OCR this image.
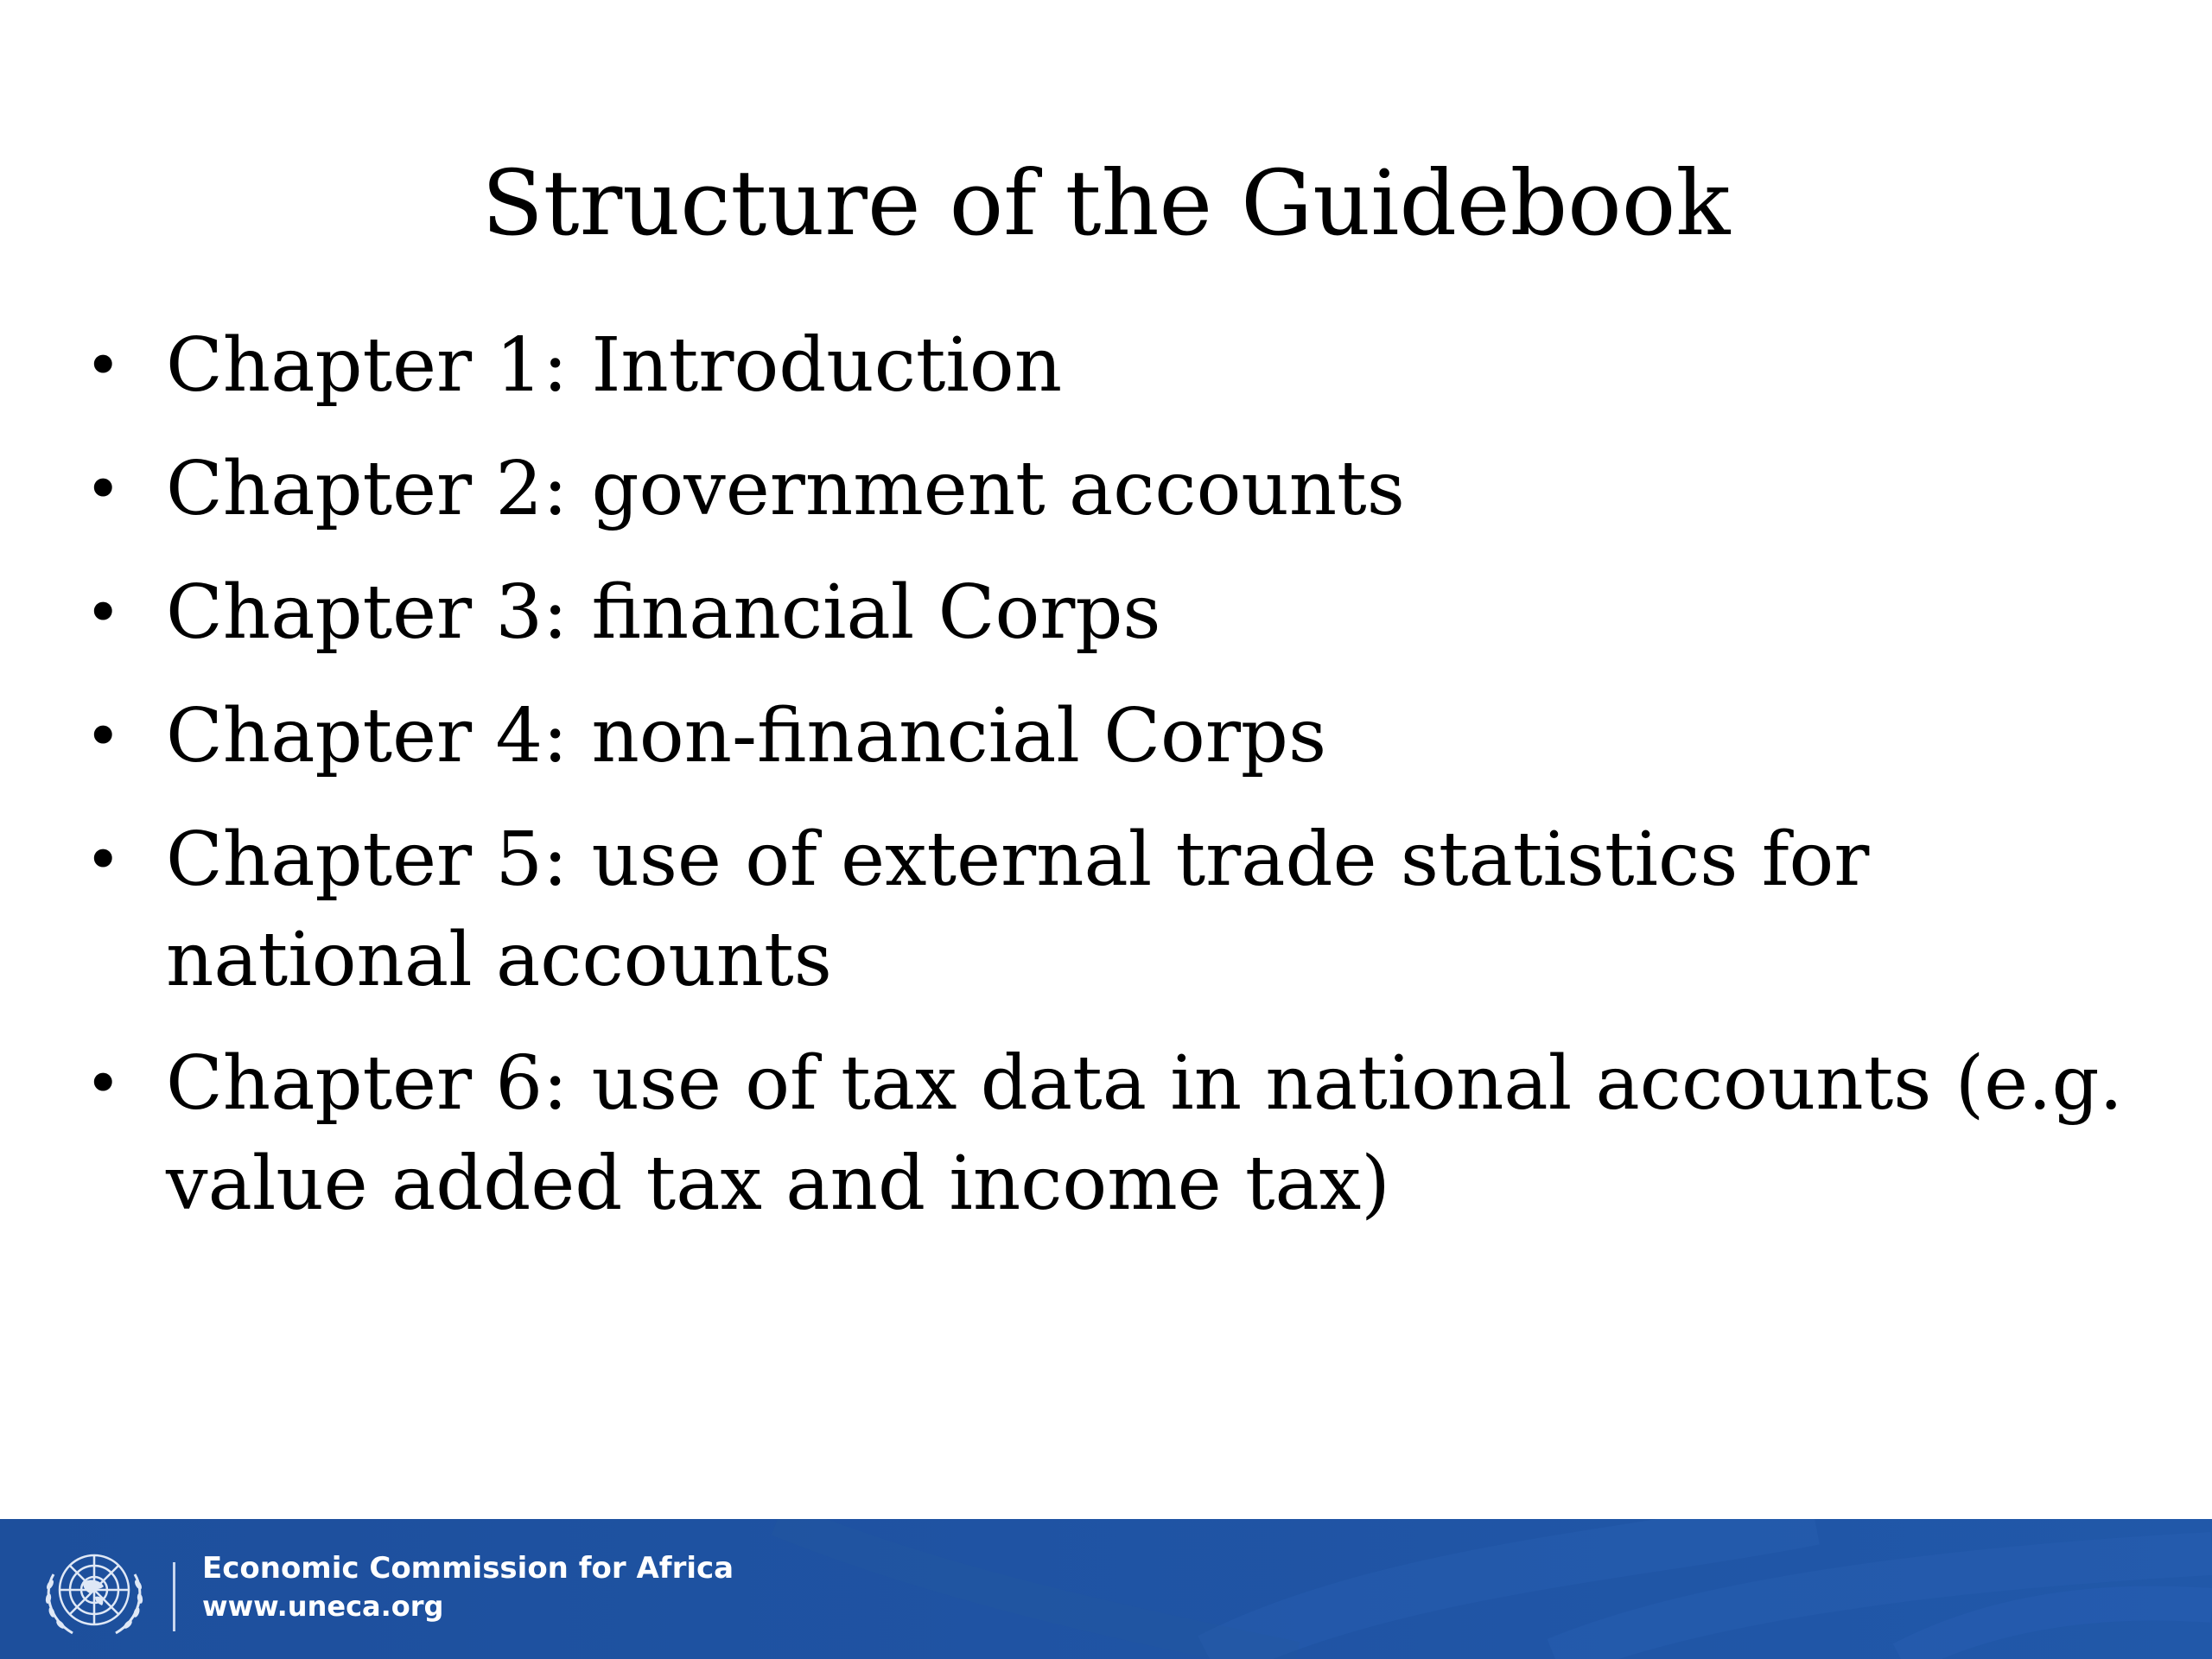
Structure of the Guidebook
• Chapter 1: Introduction
• Chapter 2: government accounts
• Chapter 3: financial Corps
• Chapter 4: non-financial Corps
• Chapter 5: use of external trade statistics for national accounts
• Chapter 6: use of tax data in national accounts (e.g. value added tax and income tax)
Economic Commission for Africa
www.uneca.org
